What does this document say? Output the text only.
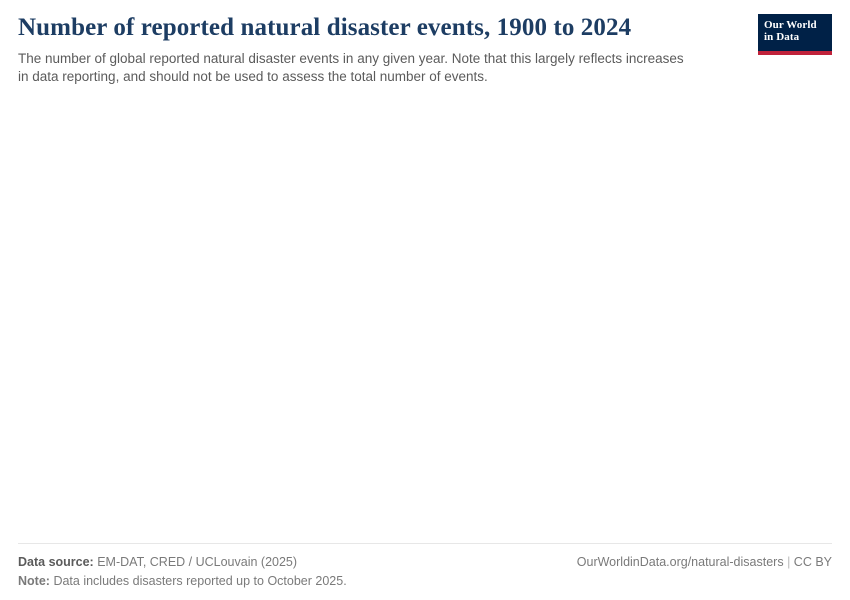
Number of reported natural disaster events, 1900 to 2024

The number of global reported natural disaster events in any given year. Note that this largely reflects increases in data reporting, and should not be used to assess the total number of events.

Our World
in Data
Data source: EM-DAT, CRED / UCLouvain (2025)	OurWorldinData.org/natural-disasters | CC BY
Note: Data includes disasters reported up to October 2025.
